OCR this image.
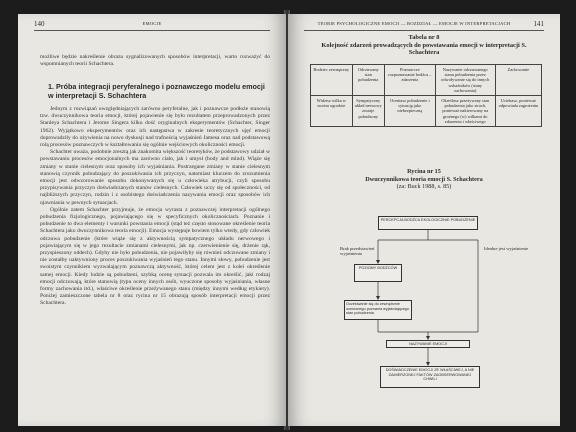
140	EMOCJE

możliwe będzie nakreślenie obrazu sygnalizowanych sposobów interpretacji, warto rozważyć do wspomnianych teorii Schachtera.

1. Próba integracji peryferalnego i poznawczego modelu emocji w interpretacji S. Schachtera

Jednym z rozwiązań uwzględniających zarówno peryferalne, jak i poznawcze podłoże stanowią tzw. dwuczynnikowa teoria emocji, której pojawienie się było rezultatem przeprowadzonych przez Stanleya Schachtera i Jerome Singera kilku dość oryginalnych eksperymentów (Schachter, Singer 1962). Wyjątkowo eksperymentów oraz ich następstwa w zakresie teoretycznych ujęć emocji doprowadziły do ożywienia na nowo dyskusji nad trafnością wyjaśnień Jamesa oraz nad podstawową rolą procesów poznawczych w kształtowaniu się ogólnie wejściowych okoliczności emocji.

Schachter uważa, podobnie zresztą jak znakomita większość teoretyków, że podstawowy udział w powstawaniu procesów emocjonalnych ma zarówno ciało, jak i umysł (body and mind). Wiąże się zmiany w stanie cielesnym oraz sposoby ich wyjaśniania. Postrzegane zmiany w stanie cielesnym stanowią czynnik pobudzający do poszukiwania ich przyczyn, natomiast kluczem do zrozumienia emocji jest odwzorowanie sposobu dokonywanych się u człowieka atrybucji, czyli sposobu przypisywania przyczyn doświadczanych stanów cielesnych. Człowiek uczy się od społeczności, od najbliższych przyczyn, rodzin i z osobistego doświadczenia nazywania emocji oraz sposobów ich ujawniania w pewnych sytuacjach.

Ogólnie zatem Schachter przyjmuje, że emocja wyrasta z poznawczej interpretacji ogólnego pobudzenia fizjologicznego, pojawiającego się w specyficznych okolicznościach. Poznanie i pobudzenie to dwa elementy i warunki powstania emocji (stąd też często stosowane określenie teoria Schachtera jako dwuczynnikowa teoria emocji). Emocja występuje bowiem tylko wtedy, gdy człowiek odczuwa pobudzenie (które wiąże się z aktywnością sympatycznego układu nerwowego i pojawiającym się w jego rezultacie zmianami cielesnymi, jak np. czerwienienie się, drżenie rąk, przyspieszony oddech). Gdyby nie było pobudzenia, nie pojawiłyby się również odczuwane zmiany i nie zostałby uaktywniony proces poszukiwania wyjaśnień tego stanu. Innymi słowy, pobudzenie jest swoistym czynnikiem wyzwalającym poznawczą aktywność, której celem jest z kolei określenie samej emocji. Kiedy ludzie są pobudzeni, szybką ocenę sytuacji pozwala im określić, jaki rodzaj emocji odczuwają, które stanowią (typu oceny innych osób, wyuczone sposoby wyjaśniania, własne formy zachowania itd.), właściwe określenie przeżywanego stanu (między innymi według etykiety). Poniżej zamieszczone tabela nr 8 oraz rycina nr 15 obrazują sposób interpretacji emocji przez Schachtera.

TEORIE PSYCHOLOGICZNE EMOCJI — ROZDZIAŁ — EMOCJE W INTERPRETACJACH	141
Tabela nr 8
Kolejność zdarzeń prowadzących do powstawania emocji w interpretacji S. Schachtera
Bodziec zewnętrzny	Odczuwany stan pobudzenia	Poznawcze rozpoznawanie bodźca – zdarzenia	Nazywanie odczuwanego stanu pobudzenia przez odwoływanie się do innych wskaźników (stany zachowania)	Zachowanie
Widzisz wilka w swoim ogrodzie	Sympatyczny układ nerwowy zostaje pobudzony	Oceniasz pobudzenie i sytuację jako niebezpieczną	Określasz przeżywany stan pobudzenia jako strach, ponieważ nakierowany na groźnego (w) wilkami do zdarzenia i właściwego	Uciekasz, ponieważ odpowiada zagrożeniu
Rycina nr 15
Dwuczynnikowa teoria emocji S. Schachtera
(za: Buck 1988, s. 85)
PERCEPCJA BODŹCA EKOLOGICZNIE POBUDZENIE
Brak przedstawień wyjaśnienia
Idealne jest wyjaśnienie
POZIOMY BODŹCÓW
Oczekiwanie się do zewnętrznie ocenionego poznania wyjaśniającego stan pobudzenia
NAZYWANIE EMOCJI
DOŚWIADCZENIE EMOCJI ZE WŁAŚCIWEJ, A NIE ZAMIERZONEJ FAKTÓW ZAOBSERWOWANEJ CHWILI
